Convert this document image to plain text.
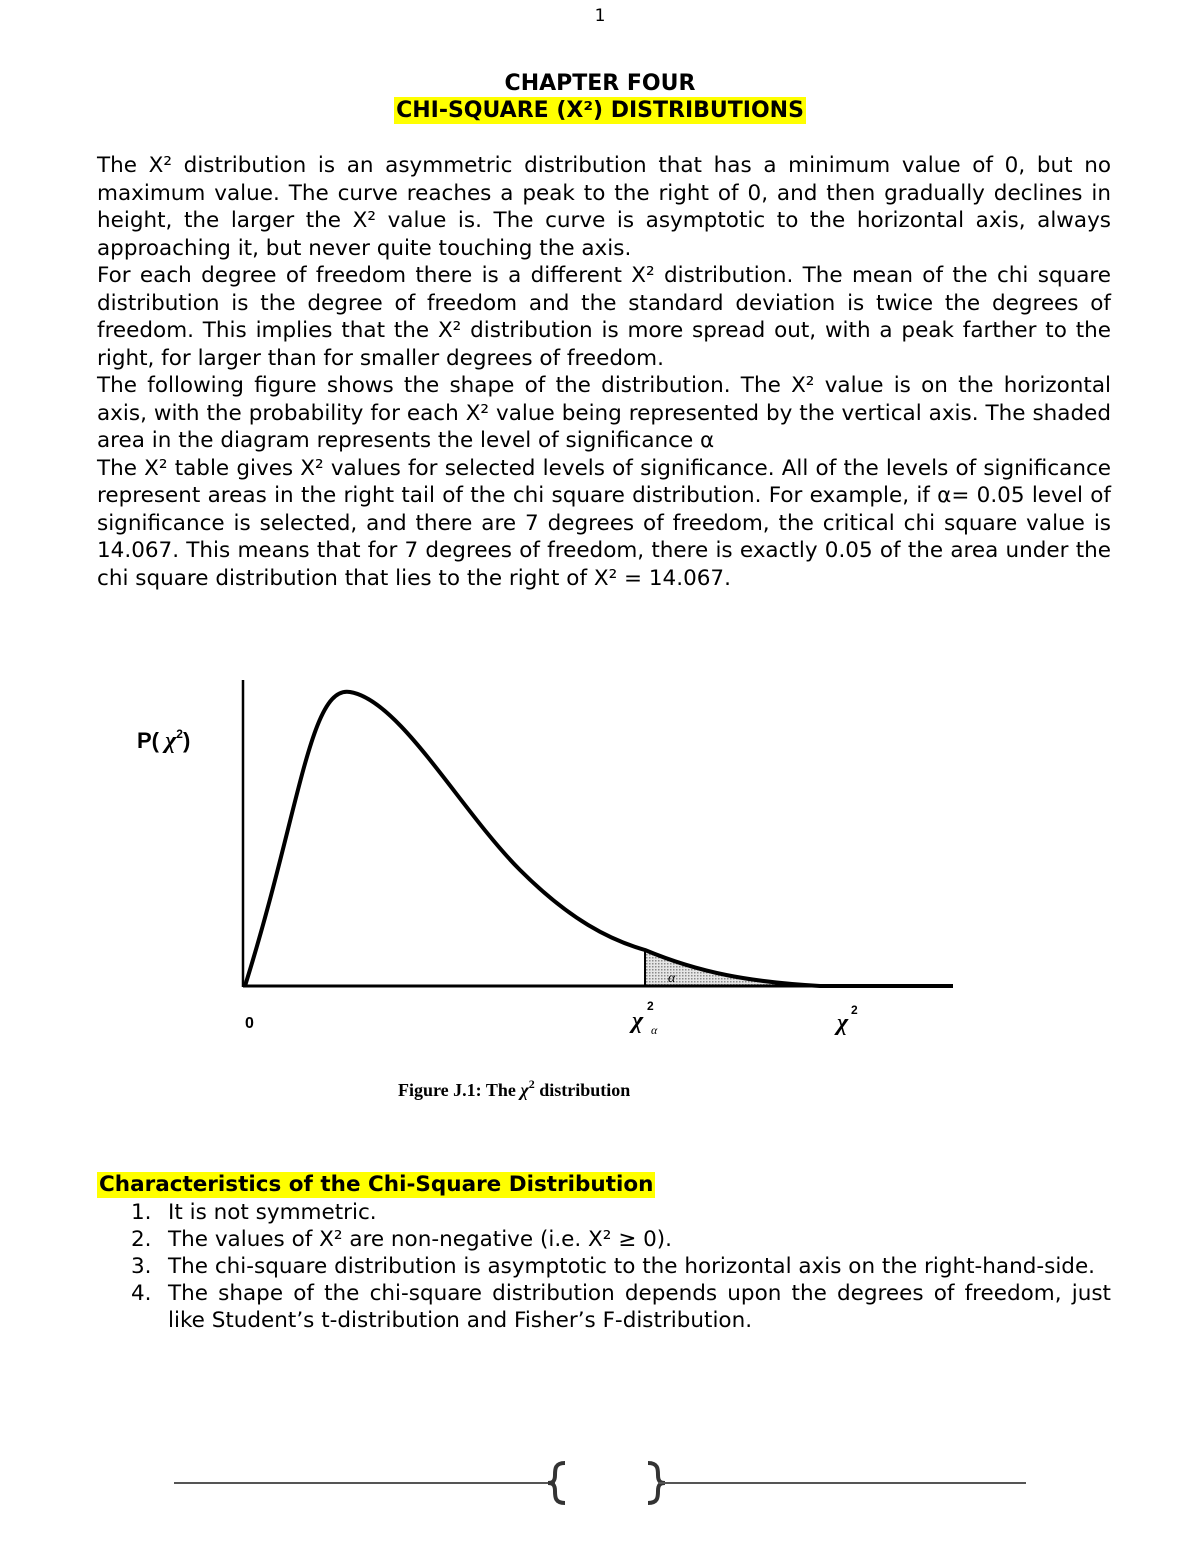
1
CHAPTER FOUR
CHI-SQUARE (X²) DISTRIBUTIONS

The X² distribution is an asymmetric distribution that has a minimum value of 0, but no maximum value. The curve reaches a peak to the right of 0, and then gradually declines in height, the larger the X² value is. The curve is asymptotic to the horizontal axis, always approaching it, but never quite touching the axis.

For each degree of freedom there is a different X² distribution. The mean of the chi square distribution is the degree of freedom and the standard deviation is twice the degrees of freedom. This implies that the X² distribution is more spread out, with a peak farther to the right, for larger than for smaller degrees of freedom.

The following figure shows the shape of the distribution. The X² value is on the horizontal axis, with the probability for each X² value being represented by the vertical axis. The shaded area in the diagram represents the level of significance α

The X² table gives X² values for selected levels of significance. All of the levels of significance represent areas in the right tail of the chi square distribution. For example, if α= 0.05 level of significance is selected, and there are 7 degrees of freedom, the critical chi square value is 14.067. This means that for 7 degrees of freedom, there is exactly 0.05 of the area under the chi square distribution that lies to the right of X² = 14.067.

P( $\chi^2$)
α
0	χ
2
α	χ 2
Figure J.1: The $\chi^2$ distribution
Characteristics of the Chi-Square Distribution
1. It is not symmetric.
2. The values of X² are non-negative (i.e. X² ≥ 0).
3. The chi-square distribution is asymptotic to the horizontal axis on the right-hand-side.
4. The shape of the chi-square distribution depends upon the degrees of freedom, just like Student’s t-distribution and Fisher’s F-distribution.
